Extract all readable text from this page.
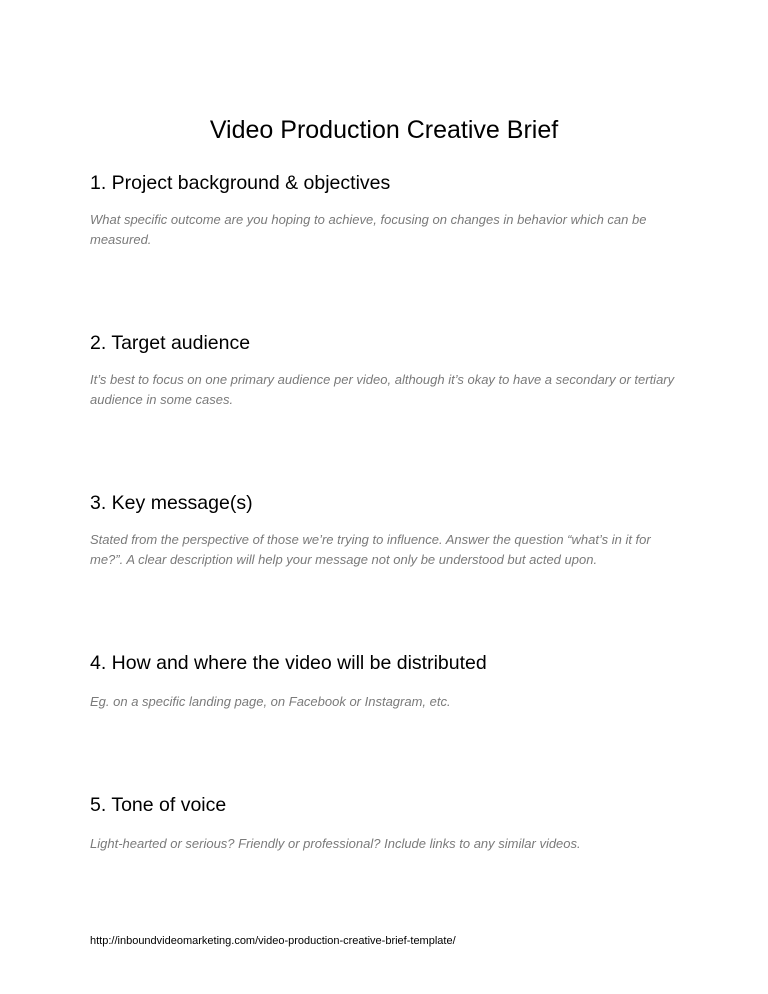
Video Production Creative Brief
1. Project background & objectives

What specific outcome are you hoping to achieve, focusing on changes in behavior which can be measured.

2. Target audience

It’s best to focus on one primary audience per video, although it’s okay to have a secondary or tertiary audience in some cases.

3. Key message(s)

Stated from the perspective of those we’re trying to influence. Answer the question “what’s in it for me?”. A clear description will help your message not only be understood but acted upon.

4. How and where the video will be distributed

Eg. on a specific landing page, on Facebook or Instagram, etc.

5. Tone of voice

Light-hearted or serious? Friendly or professional? Include links to any similar videos.

http://inboundvideomarketing.com/video-production-creative-brief-template/
